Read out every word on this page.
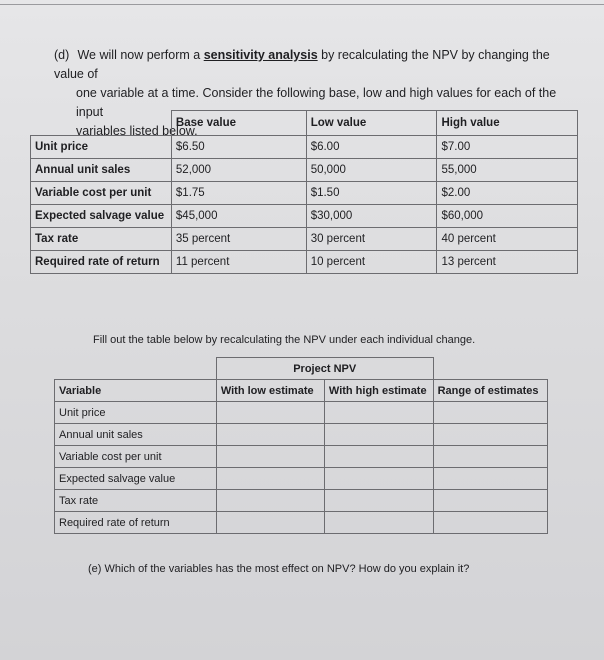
(d) We will now perform a sensitivity analysis by recalculating the NPV by changing the value of
one variable at a time. Consider the following base, low and high values for each of the input
variables listed below.
	Base value	Low value	High value
Unit price	$6.50	$6.00	$7.00
Annual unit sales	52,000	50,000	55,000
Variable cost per unit	$1.75	$1.50	$2.00
Expected salvage value	$45,000	$30,000	$60,000
Tax rate	35 percent	30 percent	40 percent
Required rate of return	11 percent	10 percent	13 percent
Fill out the table below by recalculating the NPV under each individual change.
	Project NPV		
Variable	With low estimate	With high estimate	Range of estimates
Unit price			
Annual unit sales			
Variable cost per unit			
Expected salvage value			
Tax rate			
Required rate of return			
(e) Which of the variables has the most effect on NPV? How do you explain it?
